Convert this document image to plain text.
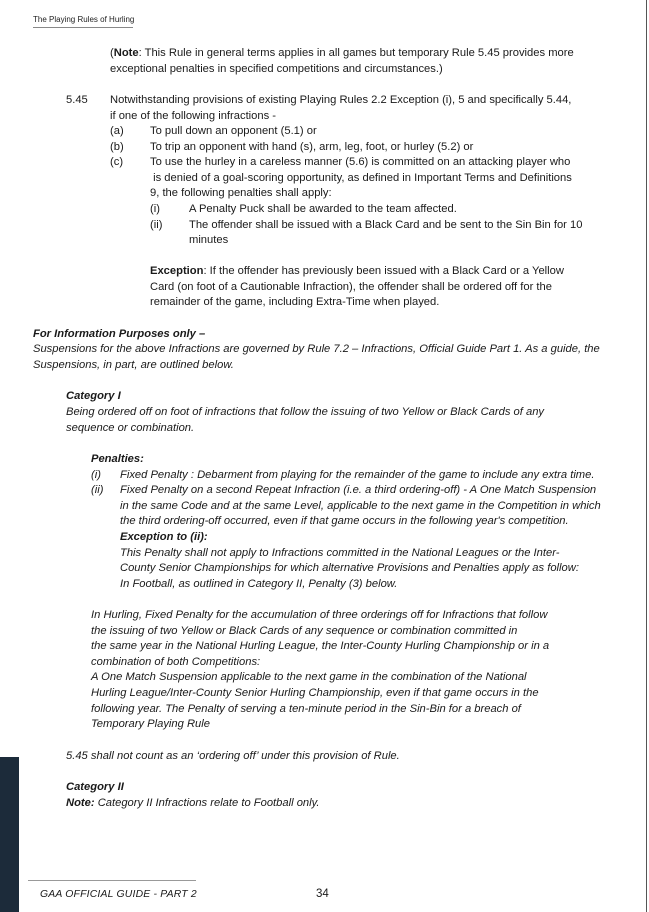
The Playing Rules of Hurling
(Note: This Rule in general terms applies in all games but temporary Rule 5.45 provides more
exceptional penalties in specified competitions and circumstances.)
5.45 Notwithstanding provisions of existing Playing Rules 2.2 Exception (i), 5 and specifically 5.44,
if one of the following infractions -
(a) To pull down an opponent (5.1) or
(b) To trip an opponent with hand (s), arm, leg, foot, or hurley (5.2) or
(c) To use the hurley in a careless manner (5.6) is committed on an attacking player who
is denied of a goal-scoring opportunity, as defined in Important Terms and Definitions
9, the following penalties shall apply:
(i)	A Penalty Puck shall be awarded to the team affected.
(ii) The offender shall be issued with a Black Card and be sent to the Sin Bin for 10
minutes
Exception: If the offender has previously been issued with a Black Card or a Yellow
Card (on foot of a Cautionable Infraction), the offender shall be ordered off for the
remainder of the game, including Extra-Time when played.
For Information Purposes only –
Suspensions for the above Infractions are governed by Rule 7.2 – Infractions, Official Guide Part 1. As a guide, the
Suspensions, in part, are outlined below.
Category I
Being ordered off on foot of infractions that follow the issuing of two Yellow or Black Cards of any
sequence or combination.
Penalties:
(i) Fixed Penalty : Debarment from playing for the remainder of the game to include any extra time.
(ii) Fixed Penalty on a second Repeat Infraction (i.e. a third ordering-off) - A One Match Suspension
in the same Code and at the same Level, applicable to the next game in the Competition in which
the third ordering-off occurred, even if that game occurs in the following year's competition.
Exception to (ii):
This Penalty shall not apply to Infractions committed in the National Leagues or the Inter-
County Senior Championships for which alternative Provisions and Penalties apply as follow:
In Football, as outlined in Category II, Penalty (3) below.
In Hurling, Fixed Penalty for the accumulation of three orderings off for Infractions that follow
the issuing of two Yellow or Black Cards of any sequence or combination committed in
the same year in the National Hurling League, the Inter-County Hurling Championship or in a
combination of both Competitions:
A One Match Suspension applicable to the next game in the combination of the National
Hurling League/Inter-County Senior Hurling Championship, even if that game occurs in the
following year. The Penalty of serving a ten-minute period in the Sin-Bin for a breach of
Temporary Playing Rule
5.45 shall not count as an ‘ordering off’ under this provision of Rule.
Category II
Note: Category II Infractions relate to Football only.
GAA OFFICIAL GUIDE - PART 2	34
